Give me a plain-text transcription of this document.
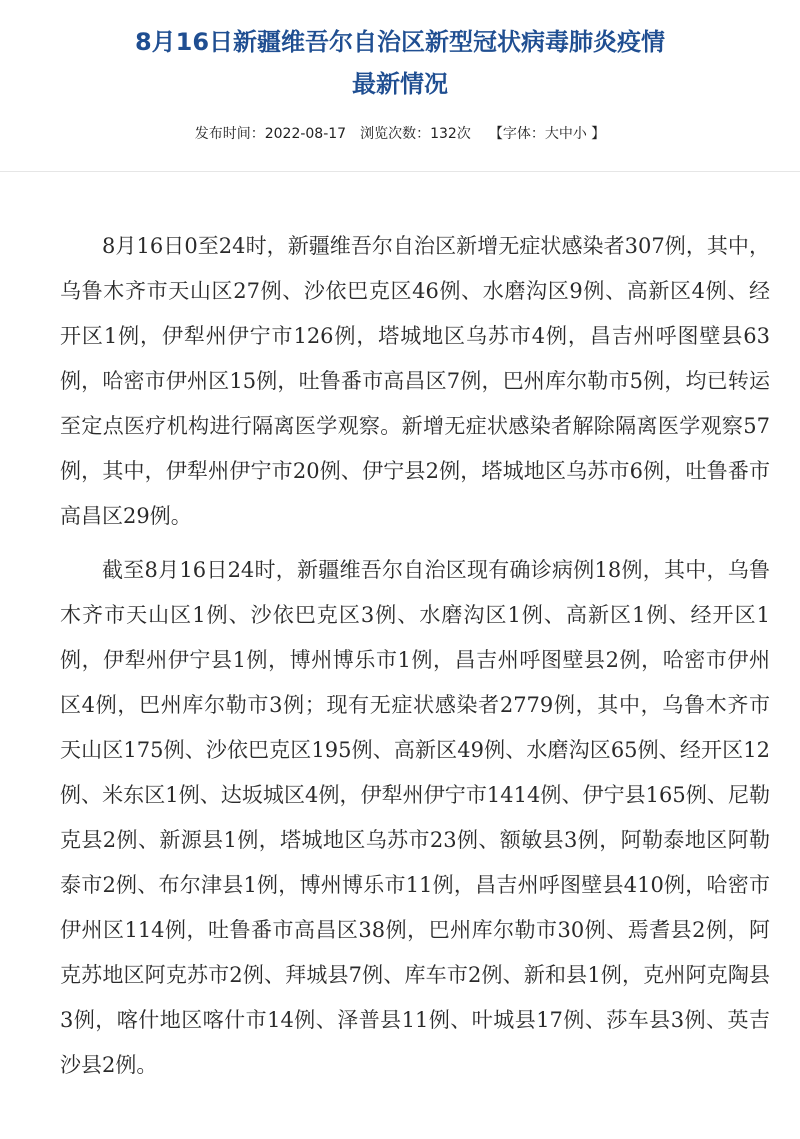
8月16日新疆维吾尔自治区新型冠状病毒肺炎疫情
最新情况
发布时间：2022-08-17 浏览次数：132次 【字体：大中小 】

8月16日0至24时，新疆维吾尔自治区新增无症状感染者307例，其中，乌鲁木齐市天山区27例、沙依巴克区46例、水磨沟区9例、高新区4例、经开区1例，伊犁州伊宁市126例，塔城地区乌苏市4例，昌吉州呼图壁县63例，哈密市伊州区15例，吐鲁番市高昌区7例，巴州库尔勒市5例，均已转运至定点医疗机构进行隔离医学观察。新增无症状感染者解除隔离医学观察57例，其中，伊犁州伊宁市20例、伊宁县2例，塔城地区乌苏市6例，吐鲁番市高昌区29例。

截至8月16日24时，新疆维吾尔自治区现有确诊病例18例，其中，乌鲁木齐市天山区1例、沙依巴克区3例、水磨沟区1例、高新区1例、经开区1例，伊犁州伊宁县1例，博州博乐市1例，昌吉州呼图壁县2例，哈密市伊州区4例，巴州库尔勒市3例；现有无症状感染者2779例，其中，乌鲁木齐市天山区175例、沙依巴克区195例、高新区49例、水磨沟区65例、经开区12例、米东区1例、达坂城区4例，伊犁州伊宁市1414例、伊宁县165例、尼勒克县2例、新源县1例，塔城地区乌苏市23例、额敏县3例，阿勒泰地区阿勒泰市2例、布尔津县1例，博州博乐市11例，昌吉州呼图壁县410例，哈密市伊州区114例，吐鲁番市高昌区38例，巴州库尔勒市30例、焉耆县2例，阿克苏地区阿克苏市2例、拜城县7例、库车市2例、新和县1例，克州阿克陶县3例，喀什地区喀什市14例、泽普县11例、叶城县17例、莎车县3例、英吉沙县2例。
